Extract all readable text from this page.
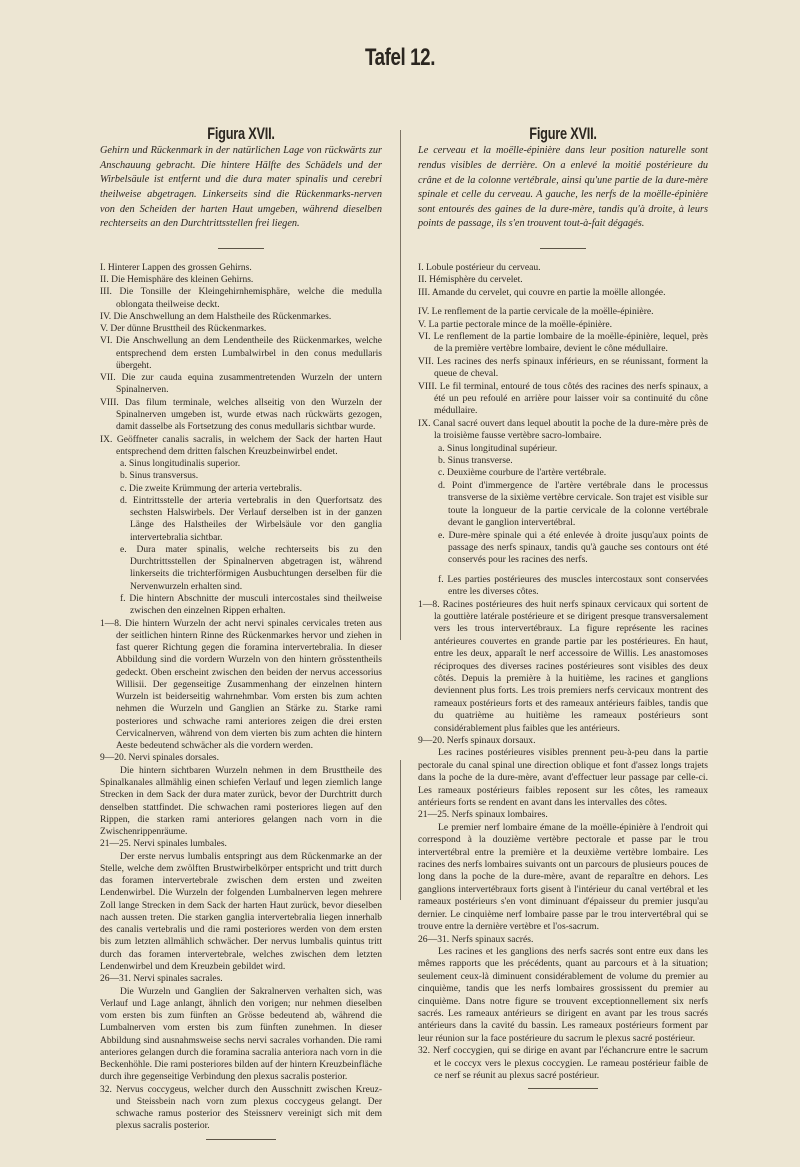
Tafel 12.
Figura XVII.

Gehirn und Rückenmark in der natürlichen Lage von rückwärts zur Anschauung gebracht. Die hintere Hälfte des Schädels und der Wirbelsäule ist entfernt und die dura mater spinalis und cerebri theilweise abgetragen. Linkerseits sind die Rückenmarks-nerven von den Scheiden der harten Haut umgeben, während dieselben rechterseits an den Durchtrittsstellen frei liegen.

I. Hinterer Lappen des grossen Gehirns.
II. Die Hemisphäre des kleinen Gehirns.
III. Die Tonsille der Kleingehirnhemisphäre, welche die medulla oblongata theilweise deckt.
IV. Die Anschwellung an dem Halstheile des Rückenmarkes.
V. Der dünne Brusttheil des Rückenmarkes.
VI. Die Anschwellung an dem Lendentheile des Rückenmarkes, welche entsprechend dem ersten Lumbalwirbel in den conus medullaris übergeht.
VII. Die zur cauda equina zusammentretenden Wurzeln der untern Spinalnerven.
VIII. Das filum terminale, welches allseitig von den Wurzeln der Spinalnerven umgeben ist, wurde etwas nach rückwärts gezogen, damit dasselbe als Fortsetzung des conus medullaris sichtbar wurde.
IX. Geöffneter canalis sacralis, in welchem der Sack der harten Haut entsprechend dem dritten falschen Kreuzbeinwirbel endet.
a. Sinus longitudinalis superior.
b. Sinus transversus.
c. Die zweite Krümmung der arteria vertebralis.
d. Eintrittsstelle der arteria vertebralis in den Querfortsatz des sechsten Halswirbels. Der Verlauf derselben ist in der ganzen Länge des Halstheiles der Wirbelsäule vor den ganglia intervertebralia sichtbar.
e. Dura mater spinalis, welche rechterseits bis zu den Durchtrittsstellen der Spinalnerven abgetragen ist, während linkerseits die trichterförmigen Ausbuchtungen derselben für die Nervenwurzeln erhalten sind.
f. Die hintern Abschnitte der musculi intercostales sind theilweise zwischen den einzelnen Rippen erhalten.
1—8. Die hintern Wurzeln der acht nervi spinales cervicales treten aus der seitlichen hintern Rinne des Rückenmarkes hervor und ziehen in fast querer Richtung gegen die foramina intervertebralia. In dieser Abbildung sind die vordern Wurzeln von den hintern grösstentheils gedeckt. Oben erscheint zwischen den beiden der nervus accessorius Willisii. Der gegenseitige Zusammenhang der einzelnen hintern Wurzeln ist beiderseitig wahrnehmbar. Vom ersten bis zum achten nehmen die Wurzeln und Ganglien an Stärke zu. Starke rami posteriores und schwache rami anteriores zeigen die drei ersten Cervicalnerven, während von dem vierten bis zum achten die hintern Aeste bedeutend schwächer als die vordern werden.
9—20. Nervi spinales dorsales.
Die hintern sichtbaren Wurzeln nehmen in dem Brusttheile des Spinalkanales allmählig einen schiefen Verlauf und legen ziemlich lange Strecken in dem Sack der dura mater zurück, bevor der Durchtritt durch denselben stattfindet. Die schwachen rami posteriores liegen auf den Rippen, die starken rami anteriores gelangen nach vorn in die Zwischenrippenräume.
21—25. Nervi spinales lumbales.
Der erste nervus lumbalis entspringt aus dem Rückenmarke an der Stelle, welche dem zwölften Brustwirbelkörper entspricht und tritt durch das foramen intervertebrale zwischen dem ersten und zweiten Lendenwirbel. Die Wurzeln der folgenden Lumbalnerven legen mehrere Zoll lange Strecken in dem Sack der harten Haut zurück, bevor dieselben nach aussen treten. Die starken ganglia intervertebralia liegen innerhalb des canalis vertebralis und die rami posteriores werden von dem ersten bis zum letzten allmählich schwächer. Der nervus lumbalis quintus tritt durch das foramen intervertebrale, welches zwischen dem letzten Lendenwirbel und dem Kreuzbein gebildet wird.
26—31. Nervi spinales sacrales.
Die Wurzeln und Ganglien der Sakralnerven verhalten sich, was Verlauf und Lage anlangt, ähnlich den vorigen; nur nehmen dieselben vom ersten bis zum fünften an Grösse bedeutend ab, während die Lumbalnerven vom ersten bis zum fünften zunehmen. In dieser Abbildung sind ausnahmsweise sechs nervi sacrales vorhanden. Die rami anteriores gelangen durch die foramina sacralia anteriora nach vorn in die Beckenhöhle. Die rami posteriores bilden auf der hintern Kreuzbeinfläche durch ihre gegenseitige Verbindung den plexus sacralis posterior.
32. Nervus coccygeus, welcher durch den Ausschnitt zwischen Kreuz- und Steissbein nach vorn zum plexus coccygeus gelangt. Der schwache ramus posterior des Steissnerv vereinigt sich mit dem plexus sacralis posterior.
Figure XVII.

Le cerveau et la moëlle-épinière dans leur position naturelle sont rendus visibles de derrière. On a enlevé la moitié postérieure du crâne et de la colonne vertébrale, ainsi qu'une partie de la dure-mère spinale et celle du cerveau. A gauche, les nerfs de la moëlle-épinière sont entourés des gaines de la dure-mère, tandis qu'à droite, à leurs points de passage, ils s'en trouvent tout-à-fait dégagés.

I. Lobule postérieur du cerveau.
II. Hémisphère du cervelet.
III. Amande du cervelet, qui couvre en partie la moëlle allongée.
IV. Le renflement de la partie cervicale de la moëlle-épinière.
V. La partie pectorale mince de la moëlle-épinière.
VI. Le renflement de la partie lombaire de la moëlle-épinière, lequel, près de la première vertèbre lombaire, devient le cône médullaire.
VII. Les racines des nerfs spinaux inférieurs, en se réunissant, forment la queue de cheval.
VIII. Le fil terminal, entouré de tous côtés des racines des nerfs spinaux, a été un peu refoulé en arrière pour laisser voir sa continuité du cône médullaire.
IX. Canal sacré ouvert dans lequel aboutit la poche de la dure-mère près de la troisième fausse vertèbre sacro-lombaire.
a. Sinus longitudinal supérieur.
b. Sinus transverse.
c. Deuxième courbure de l'artère vertébrale.
d. Point d'immergence de l'artère vertébrale dans le processus transverse de la sixième vertèbre cervicale. Son trajet est visible sur toute la longueur de la partie cervicale de la colonne vertébrale devant le ganglion intervertébral.
e. Dure-mère spinale qui a été enlevée à droite jusqu'aux points de passage des nerfs spinaux, tandis qu'à gauche ses contours ont été conservés pour les racines des nerfs.
f. Les parties postérieures des muscles intercostaux sont conservées entre les diverses côtes.
1—8. Racines postérieures des huit nerfs spinaux cervicaux qui sortent de la gouttière latérale postérieure et se dirigent presque transversalement vers les trous intervertébraux. La figure représente les racines antérieures couvertes en grande partie par les postérieures. En haut, entre les deux, apparaît le nerf accessoire de Willis. Les anastomoses réciproques des diverses racines postérieures sont visibles des deux côtés. Depuis la première à la huitième, les racines et ganglions deviennent plus forts. Les trois premiers nerfs cervicaux montrent des rameaux postérieurs forts et des rameaux antérieurs faibles, tandis que du quatrième au huitième les rameaux postérieurs sont considérablement plus faibles que les antérieurs.
9—20. Nerfs spinaux dorsaux.
Les racines postérieures visibles prennent peu-à-peu dans la partie pectorale du canal spinal une direction oblique et font d'assez longs trajets dans la poche de la dure-mère, avant d'effectuer leur passage par celle-ci. Les rameaux postérieurs faibles reposent sur les côtes, les rameaux antérieurs forts se rendent en avant dans les intervalles des côtes.
21—25. Nerfs spinaux lombaires.
Le premier nerf lombaire émane de la moëlle-épinière à l'endroit qui correspond à la douzième vertèbre pectorale et passe par le trou intervertébral entre la première et la deuxième vertèbre lombaire. Les racines des nerfs lombaires suivants ont un parcours de plusieurs pouces de long dans la poche de la dure-mère, avant de reparaître en dehors. Les ganglions intervertébraux forts gisent à l'intérieur du canal vertébral et les rameaux postérieurs s'en vont diminuant d'épaisseur du premier jusqu'au dernier. Le cinquième nerf lombaire passe par le trou intervertébral qui se trouve entre la dernière vertèbre et l'os-sacrum.
26—31. Nerfs spinaux sacrés.
Les racines et les ganglions des nerfs sacrés sont entre eux dans les mêmes rapports que les précédents, quant au parcours et à la situation; seulement ceux-là diminuent considérablement de volume du premier au cinquième, tandis que les nerfs lombaires grossissent du premier au cinquième. Dans notre figure se trouvent exceptionnellement six nerfs sacrés. Les rameaux antérieurs se dirigent en avant par les trous sacrés antérieurs dans la cavité du bassin. Les rameaux postérieurs forment par leur réunion sur la face postérieure du sacrum le plexus sacré postérieur.
32. Nerf coccygien, qui se dirige en avant par l'échancrure entre le sacrum et le coccyx vers le plexus coccygien. Le rameau postérieur faible de ce nerf se réunit au plexus sacré postérieur.
